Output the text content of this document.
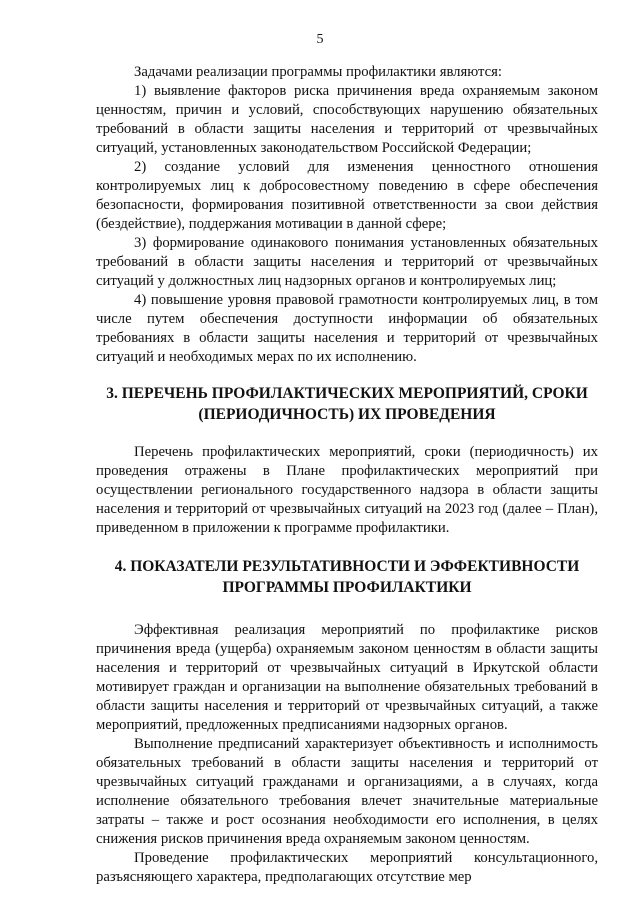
5

Задачами реализации программы профилактики являются:

1) выявление факторов риска причинения вреда охраняемым законом ценностям, причин и условий, способствующих нарушению обязательных требований в области защиты населения и территорий от чрезвычайных ситуаций, установленных законодательством Российской Федерации;

2) создание условий для изменения ценностного отношения контролируемых лиц к добросовестному поведению в сфере обеспечения безопасности, формирования позитивной ответственности за свои действия (бездействие), поддержания мотивации в данной сфере;

3) формирование одинакового понимания установленных обязательных требований в области защиты населения и территорий от чрезвычайных ситуаций у должностных лиц надзорных органов и контролируемых лиц;

4) повышение уровня правовой грамотности контролируемых лиц, в том числе путем обеспечения доступности информации об обязательных требованиях в области защиты населения и территорий от чрезвычайных ситуаций и необходимых мерах по их исполнению.

3. ПЕРЕЧЕНЬ ПРОФИЛАКТИЧЕСКИХ МЕРОПРИЯТИЙ, СРОКИ (ПЕРИОДИЧНОСТЬ) ИХ ПРОВЕДЕНИЯ

Перечень профилактических мероприятий, сроки (периодичность) их проведения отражены в Плане профилактических мероприятий при осуществлении регионального государственного надзора в области защиты населения и территорий от чрезвычайных ситуаций на 2023 год (далее – План), приведенном в приложении к программе профилактики.

4. ПОКАЗАТЕЛИ РЕЗУЛЬТАТИВНОСТИ И ЭФФЕКТИВНОСТИ ПРОГРАММЫ ПРОФИЛАКТИКИ

Эффективная реализация мероприятий по профилактике рисков причинения вреда (ущерба) охраняемым законом ценностям в области защиты населения и территорий от чрезвычайных ситуаций в Иркутской области мотивирует граждан и организации на выполнение обязательных требований в области защиты населения и территорий от чрезвычайных ситуаций, а также мероприятий, предложенных предписаниями надзорных органов.

Выполнение предписаний характеризует объективность и исполнимость обязательных требований в области защиты населения и территорий от чрезвычайных ситуаций гражданами и организациями, а в случаях, когда исполнение обязательного требования влечет значительные материальные затраты – также и рост осознания необходимости его исполнения, в целях снижения рисков причинения вреда охраняемым законом ценностям.

Проведение профилактических мероприятий консультационного, разъясняющего характера, предполагающих отсутствие мер
